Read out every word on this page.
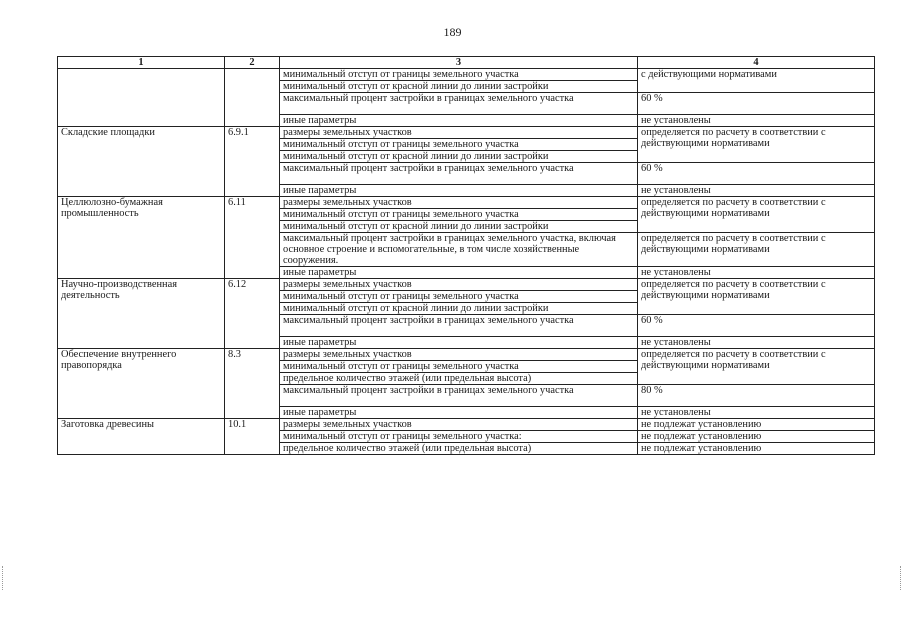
189
1	2	3	4
		минимальный отступ от границы земельного участка	с действующими нормативами
		минимальный отступ от красной линии до линии застройки	
		максимальный процент застройки в границах земельного участка	60 %
		иные параметры	не установлены
Складские площадки	6.9.1	размеры земельных участков	определяется по расчету в соответствии с действующими нормативами
		минимальный отступ от границы земельного участка	
		минимальный отступ от красной линии до линии застройки	
		максимальный процент застройки в границах земельного участка	60 %
		иные параметры	не установлены
Целлюлозно-бумажная промышленность	6.11	размеры земельных участков	определяется по расчету в соответствии с действующими нормативами
		минимальный отступ от границы земельного участка	
		минимальный отступ от красной линии до линии застройки	
		максимальный процент застройки в границах земельного участка, включая основное строение и вспомогательные, в том числе хозяйственные сооружения.	определяется по расчету в соответствии с действующими нормативами
		иные параметры	не установлены
Научно-производственная деятельность	6.12	размеры земельных участков	определяется по расчету в соответствии с действующими нормативами
		минимальный отступ от границы земельного участка	
		минимальный отступ от красной линии до линии застройки	
		максимальный процент застройки в границах земельного участка	60 %
		иные параметры	не установлены
Обеспечение внутреннего правопорядка	8.3	размеры земельных участков	определяется по расчету в соответствии с действующими нормативами
		минимальный отступ от границы земельного участка	
		предельное количество этажей (или предельная высота)	
		максимальный процент застройки в границах земельного участка	80 %
		иные параметры	не установлены
Заготовка древесины	10.1	размеры земельных участков	не подлежат установлению
		минимальный отступ от границы земельного участка:	не подлежат установлению
		предельное количество этажей (или предельная высота)	не подлежат установлению
